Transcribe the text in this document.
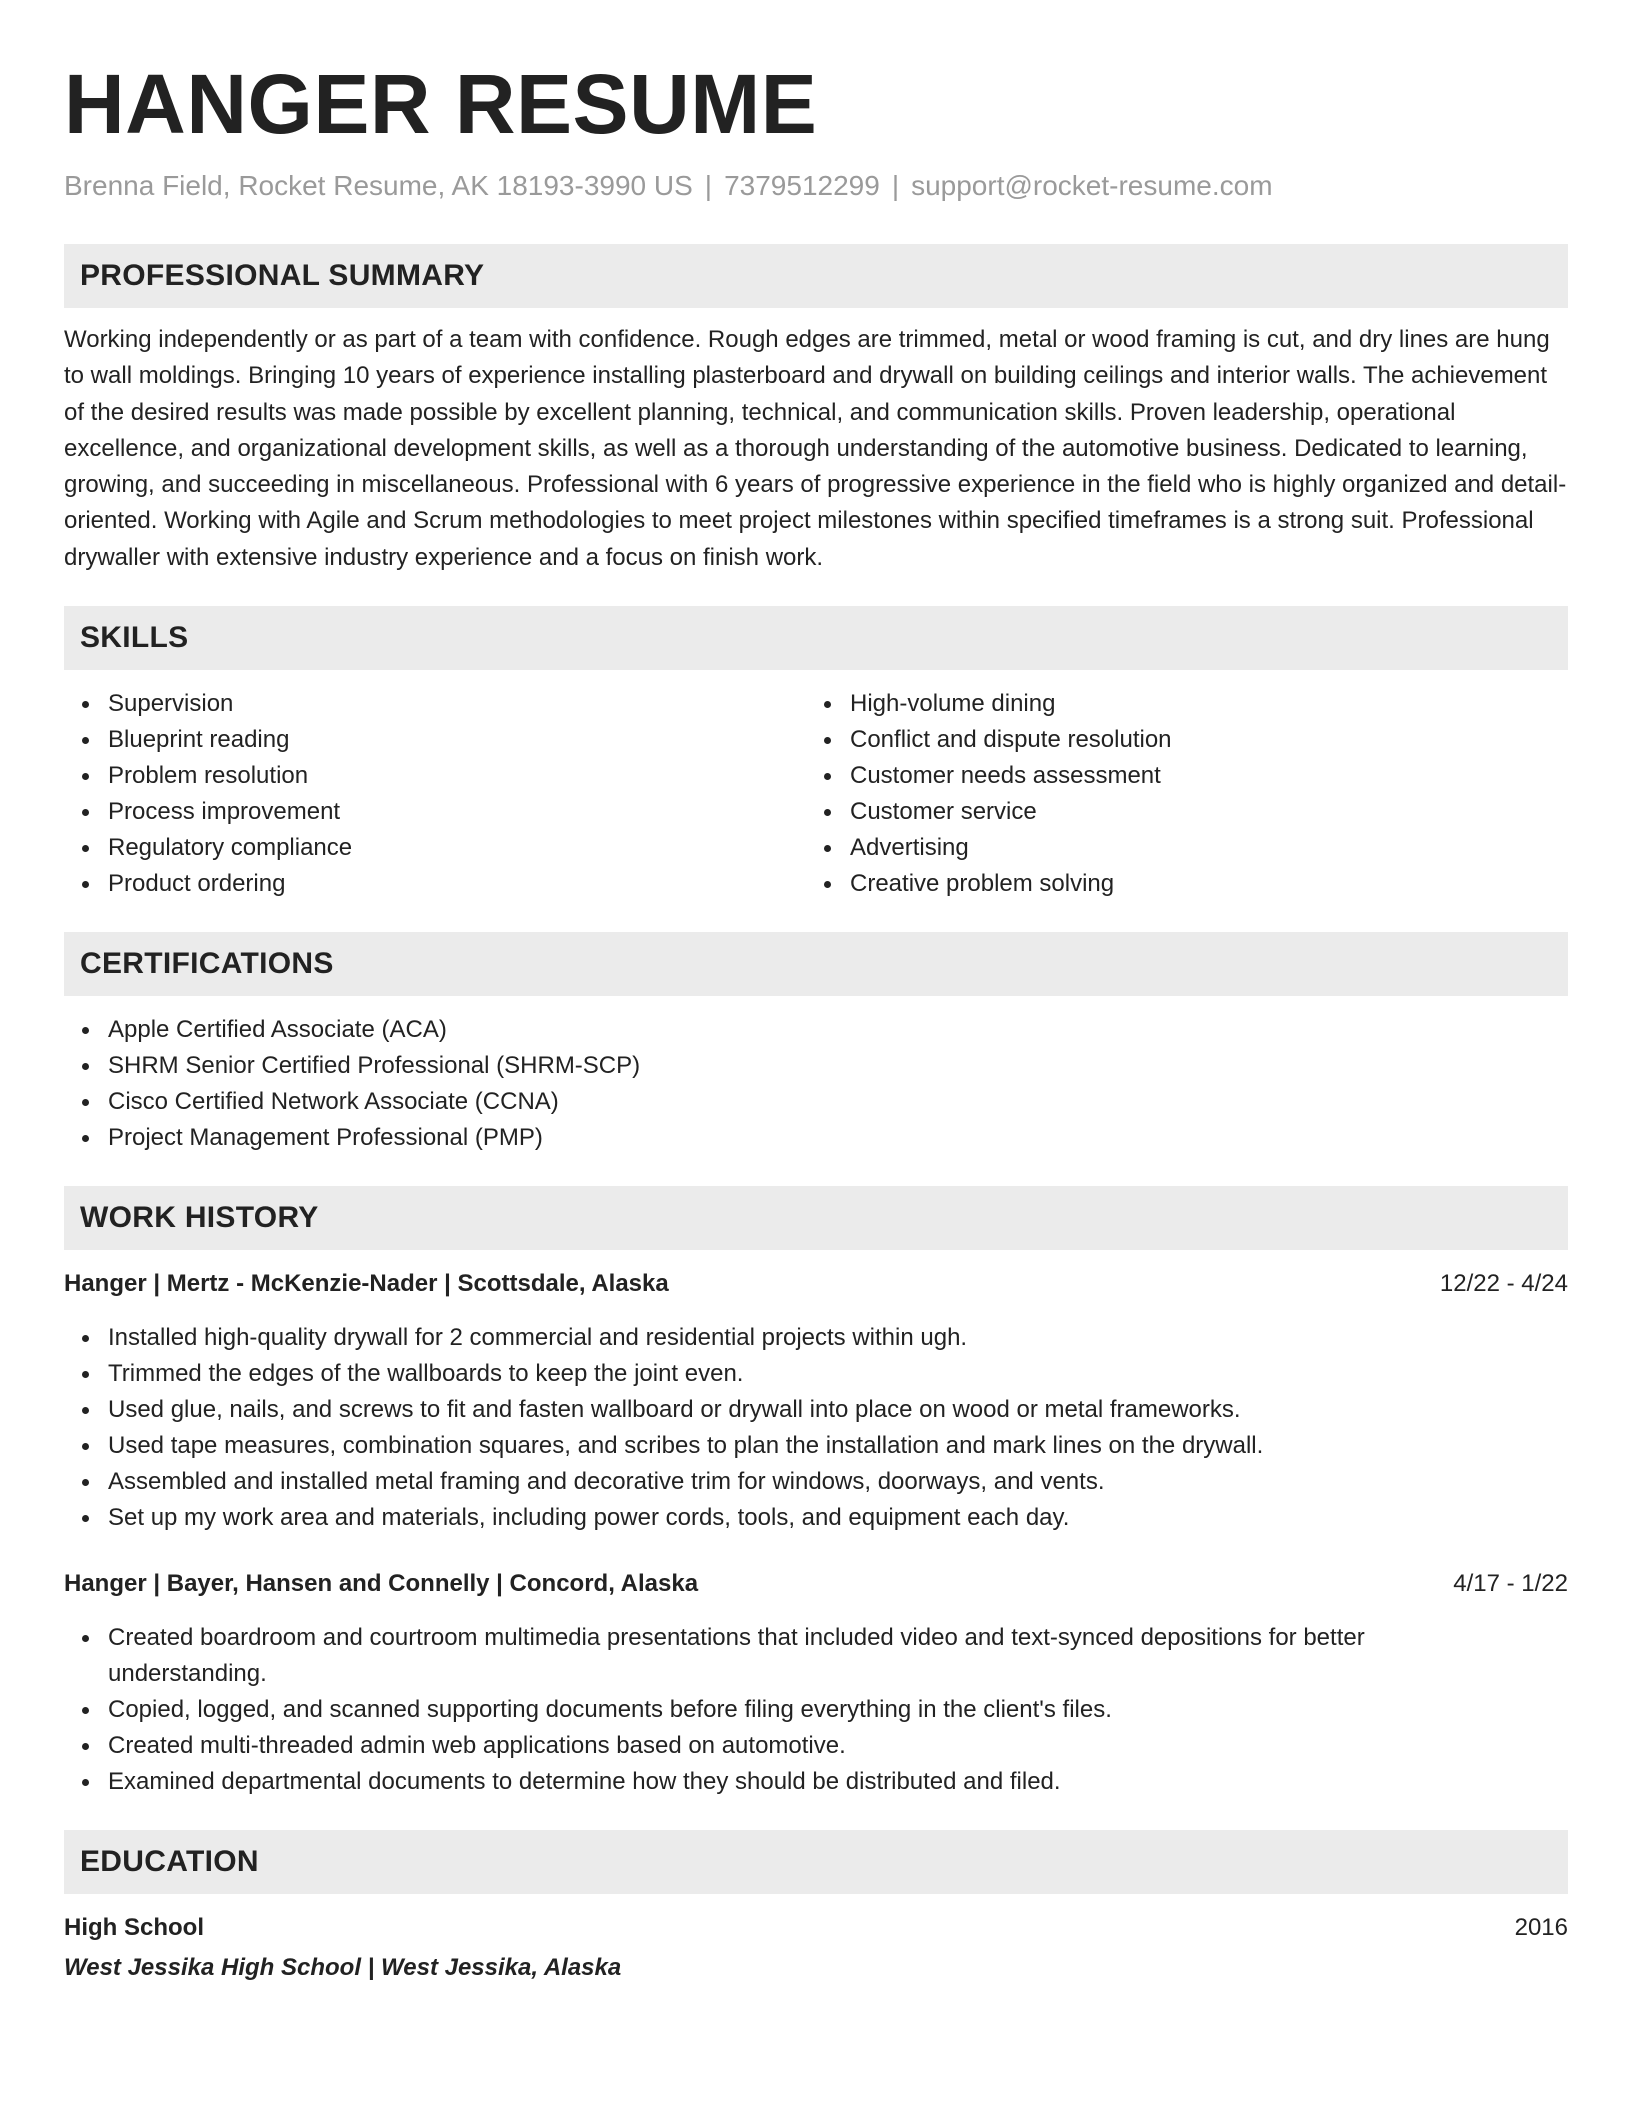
HANGER RESUME
Brenna Field, Rocket Resume, AK 18193-3990 US | 7379512299 | support@rocket-resume.com
PROFESSIONAL SUMMARY

Working independently or as part of a team with confidence. Rough edges are trimmed, metal or wood framing is cut, and dry lines are hung to wall moldings. Bringing 10 years of experience installing plasterboard and drywall on building ceilings and interior walls. The achievement of the desired results was made possible by excellent planning, technical, and communication skills. Proven leadership, operational excellence, and organizational development skills, as well as a thorough understanding of the automotive business. Dedicated to learning, growing, and succeeding in miscellaneous. Professional with 6 years of progressive experience in the field who is highly organized and detail-oriented. Working with Agile and Scrum methodologies to meet project milestones within specified timeframes is a strong suit. Professional drywaller with extensive industry experience and a focus on finish work.

SKILLS
Supervision
Blueprint reading
Problem resolution
Process improvement
Regulatory compliance
Product ordering
High-volume dining
Conflict and dispute resolution
Customer needs assessment
Customer service
Advertising
Creative problem solving
CERTIFICATIONS
Apple Certified Associate (ACA)
SHRM Senior Certified Professional (SHRM-SCP)
Cisco Certified Network Associate (CCNA)
Project Management Professional (PMP)
WORK HISTORY
Hanger | Mertz - McKenzie-Nader | Scottsdale, Alaska	12/22 - 4/24
Installed high-quality drywall for 2 commercial and residential projects within ugh.
Trimmed the edges of the wallboards to keep the joint even.
Used glue, nails, and screws to fit and fasten wallboard or drywall into place on wood or metal frameworks.
Used tape measures, combination squares, and scribes to plan the installation and mark lines on the drywall.
Assembled and installed metal framing and decorative trim for windows, doorways, and vents.
Set up my work area and materials, including power cords, tools, and equipment each day.
Hanger | Bayer, Hansen and Connelly | Concord, Alaska	4/17 - 1/22
Created boardroom and courtroom multimedia presentations that included video and text-synced depositions for better understanding.
Copied, logged, and scanned supporting documents before filing everything in the client's files.
Created multi-threaded admin web applications based on automotive.
Examined departmental documents to determine how they should be distributed and filed.
EDUCATION
High School	2016
West Jessika High School | West Jessika, Alaska
